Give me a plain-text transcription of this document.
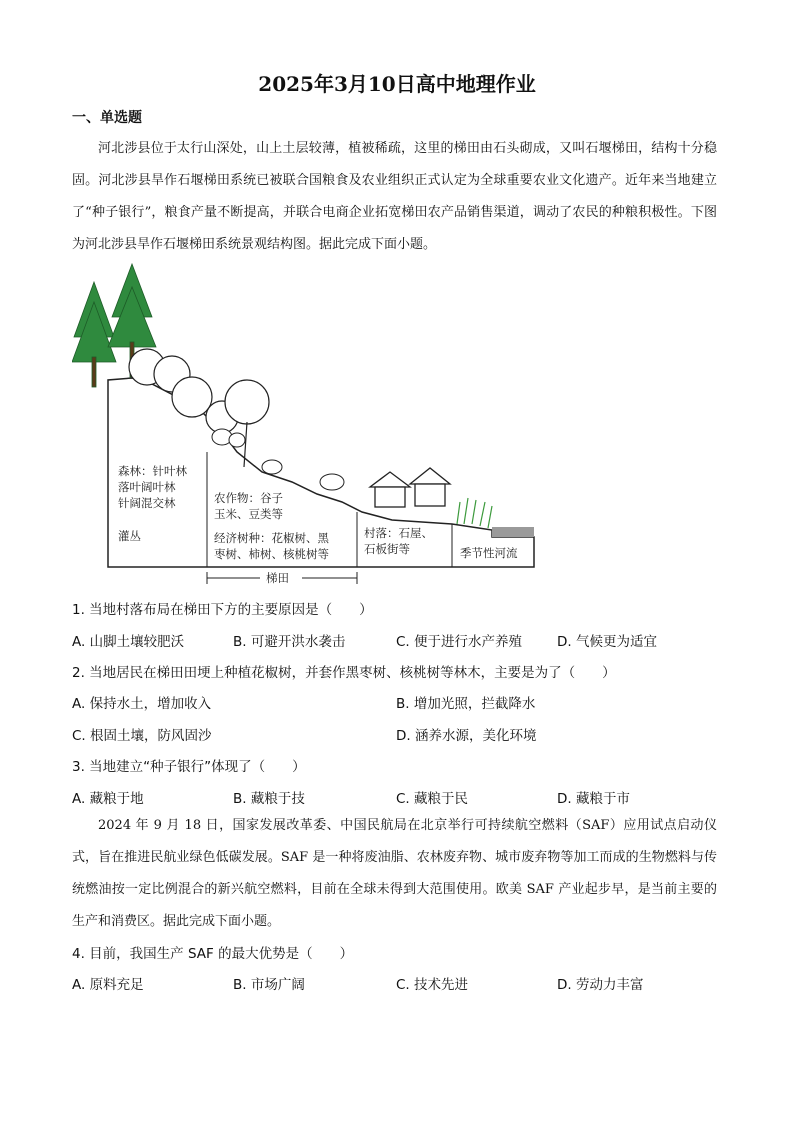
2025年3月10日高中地理作业
一、单选题
河北涉县位于太行山深处，山上土层较薄，植被稀疏，这里的梯田由石头砌成，又叫石堰梯田，结构十分稳固。河北涉县旱作石堰梯田系统已被联合国粮食及农业组织正式认定为全球重要农业文化遗产。近年来当地建立了“种子银行”，粮食产量不断提高，并联合电商企业拓宽梯田农产品销售渠道，调动了农民的种粮积极性。下图为河北涉县旱作石堰梯田系统景观结构图。据此完成下面小题。
森林：针叶林
落叶阔叶林
针阔混交林
灌丛
农作物：谷子
玉米、豆类等
经济树种：花椒树、黑
枣树、柿树、核桃树等
村落：石屋、
石板街等	季节性河流
梯田
1. 当地村落布局在梯田下方的主要原因是（　　）
A. 山脚土壤较肥沃	B. 可避开洪水袭击	C. 便于进行水产养殖	D. 气候更为适宜
2. 当地居民在梯田田埂上种植花椒树，并套作黑枣树、核桃树等林木，主要是为了（　　）
A. 保持水土，增加收入	B. 增加光照，拦截降水
C. 根固土壤，防风固沙	D. 涵养水源，美化环境
3. 当地建立“种子银行”体现了（　　）
A. 藏粮于地	B. 藏粮于技	C. 藏粮于民	D. 藏粮于市
2024 年 9 月 18 日，国家发展改革委、中国民航局在北京举行可持续航空燃料（SAF）应用试点启动仪式，旨在推进民航业绿色低碳发展。SAF 是一种将废油脂、农林废弃物、城市废弃物等加工而成的生物燃料与传统燃油按一定比例混合的新兴航空燃料，目前在全球未得到大范围使用。欧美 SAF 产业起步早，是当前主要的生产和消费区。据此完成下面小题。
4. 目前，我国生产 SAF 的最大优势是（　　）
A. 原料充足	B. 市场广阔	C. 技术先进	D. 劳动力丰富
